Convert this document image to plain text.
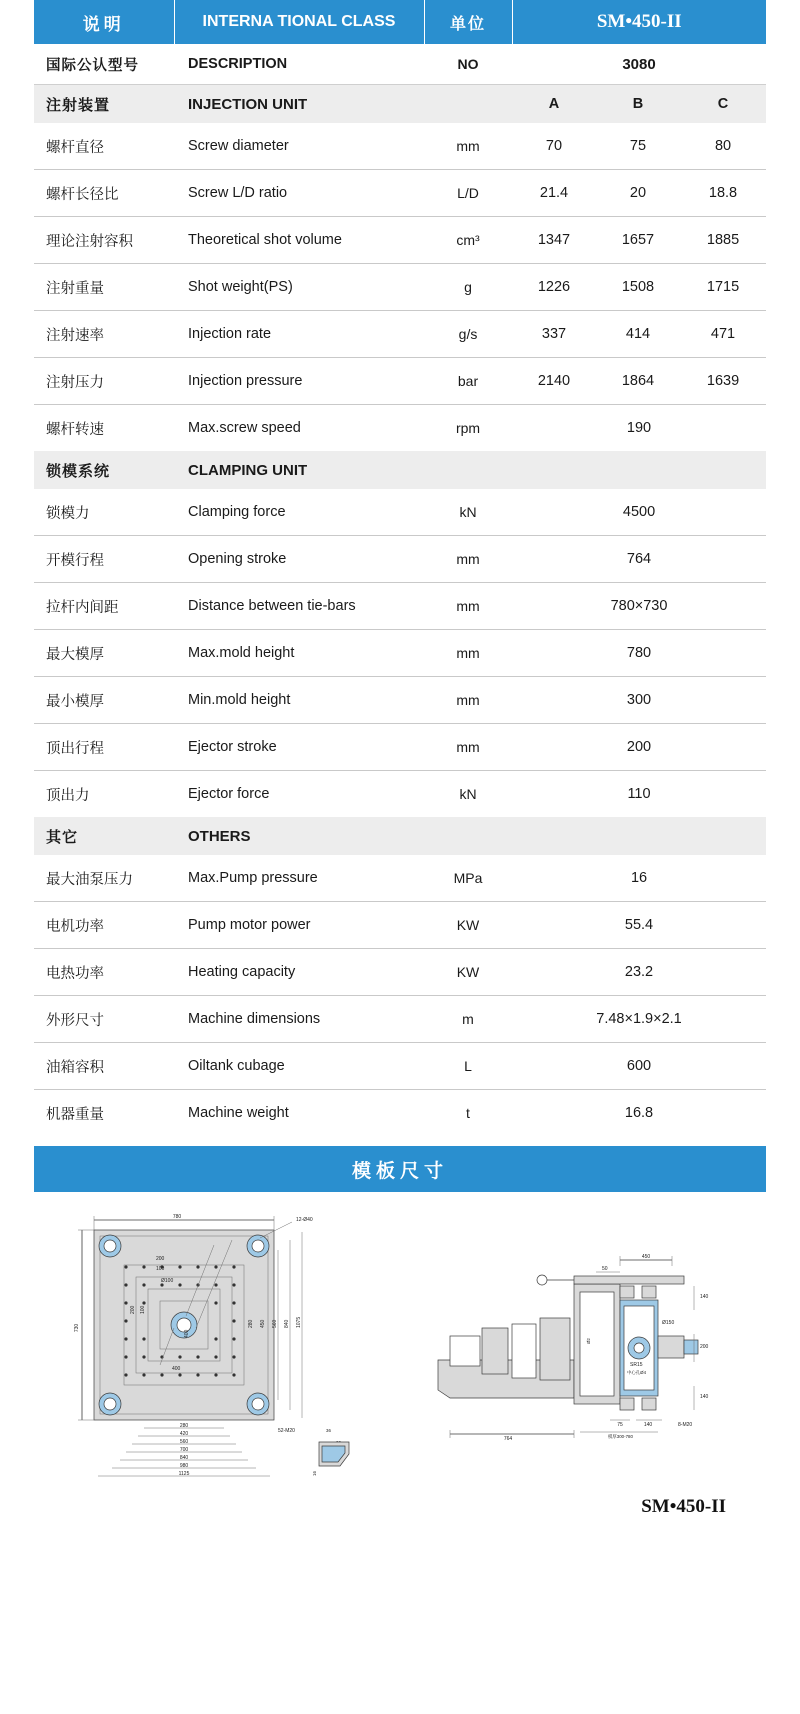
说明	INTERNA TIONAL CLASS	单位	SM•450-II		
国际公认型号	DESCRIPTION	NO	3080		
注射装置	INJECTION UNIT		A	B	C
螺杆直径	Screw diameter	mm	70	75	80
螺杆长径比	Screw L/D ratio	L/D	21.4	20	18.8
理论注射容积	Theoretical shot volume	cm³	1347	1657	1885
注射重量	Shot weight(PS)	g	1226	1508	1715
注射速率	Injection rate	g/s	337	414	471
注射压力	Injection pressure	bar	2140	1864	1639
螺杆转速	Max.screw speed	rpm	190		
锁模系统	CLAMPING UNIT				
锁模力	Clamping force	kN	4500		
开模行程	Opening stroke	mm	764		
拉杆内间距	Distance between tie-bars	mm	780×730		
最大模厚	Max.mold height	mm	780		
最小模厚	Min.mold height	mm	300		
顶出行程	Ejector stroke	mm	200		
顶出力	Ejector force	kN	110		
其它	OTHERS				
最大油泵压力	Max.Pump pressure	MPa	16		
电机功率	Pump motor power	KW	55.4		
电热功率	Heating capacity	KW	23.2		
外形尺寸	Machine dimensions	m	7.48×1.9×2.1		
油箱容积	Oiltank cubage	L	600		
机器重量	Machine weight	t	16.8		
模板尺寸
780	12-Ø40
730
200
100
Ø100
200 100
400
400
280 450 560 840 1075
280
420
560
700
840
980
1125
52-M20	36
16
450
50
140
200
140
Ø150
SR15
中心孔Ø4
Ø2
75	140	8-M20
764	模厚300-780
SM•450-II
